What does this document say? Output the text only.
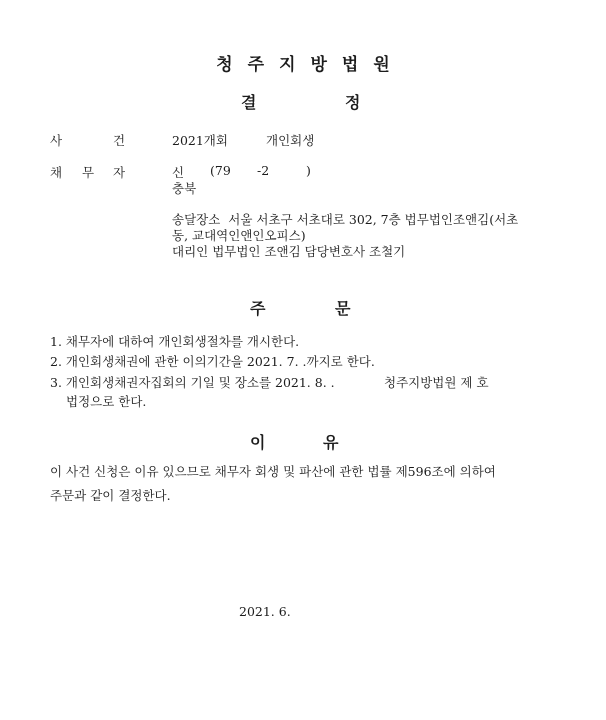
청주지방법원
결	정
사	건	2021개회	개인회생
채 무 자	신 (79 -2	)
충북
송달장소 서울 서초구 서초대로 302, 7층 법무법인조앤김(서초
동, 교대역인앤인오피스)
대리인 법무법인 조앤김 담당변호사 조철기
주	문
1. 채무자에 대하여 개인회생절차를 개시한다.
2. 개인회생채권에 관한 이의기간을 2021. 7. .까지로 한다.
3. 개인회생채권자집회의 기일 및 장소를 2021. 8. .	청주지방법원 제 호
법정으로 한다.
이	유
이 사건 신청은 이유 있으므로 채무자 회생 및 파산에 관한 법률 제596조에 의하여
주문과 같이 결정한다.
2021. 6.
